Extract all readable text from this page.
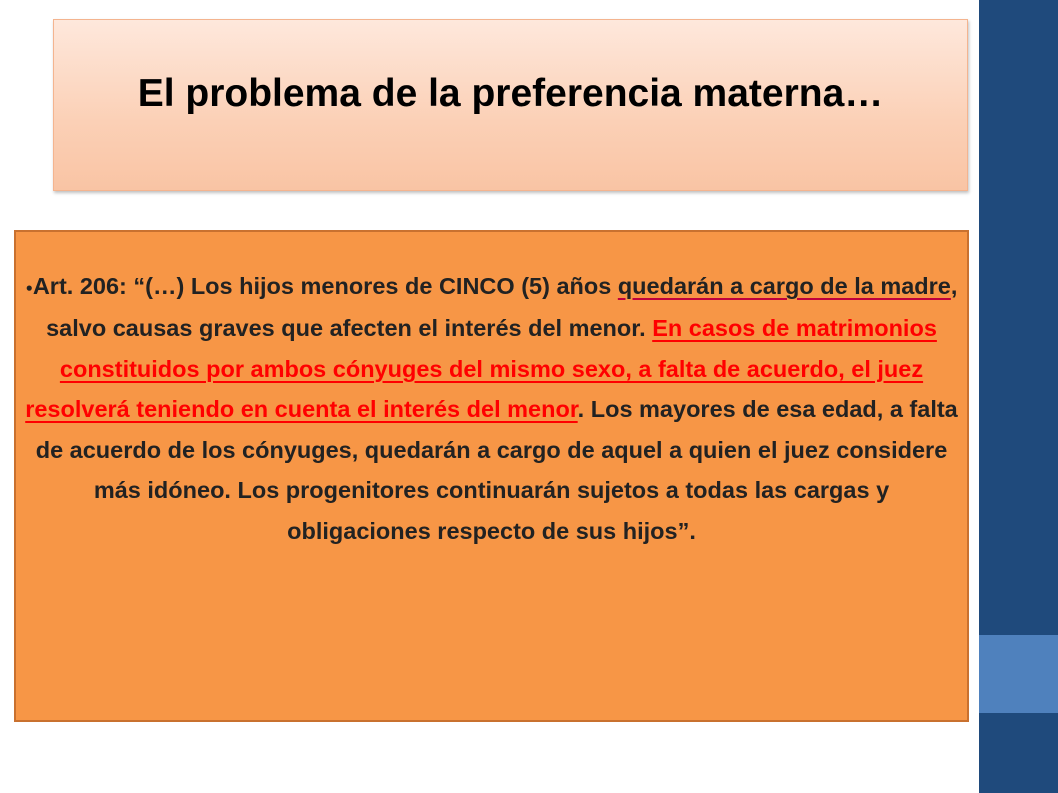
El problema de la preferencia materna…

●Art. 206: “(…) Los hijos menores de CINCO (5) años quedarán a cargo de la madre, salvo causas graves que afecten el interés del menor. En casos de matrimonios constituidos por ambos cónyuges del mismo sexo, a falta de acuerdo, el juez resolverá teniendo en cuenta el interés del menor. Los mayores de esa edad, a falta de acuerdo de los cónyuges, quedarán a cargo de aquel a quien el juez considere más idóneo. Los progenitores continuarán sujetos a todas las cargas y obligaciones respecto de sus hijos”.
